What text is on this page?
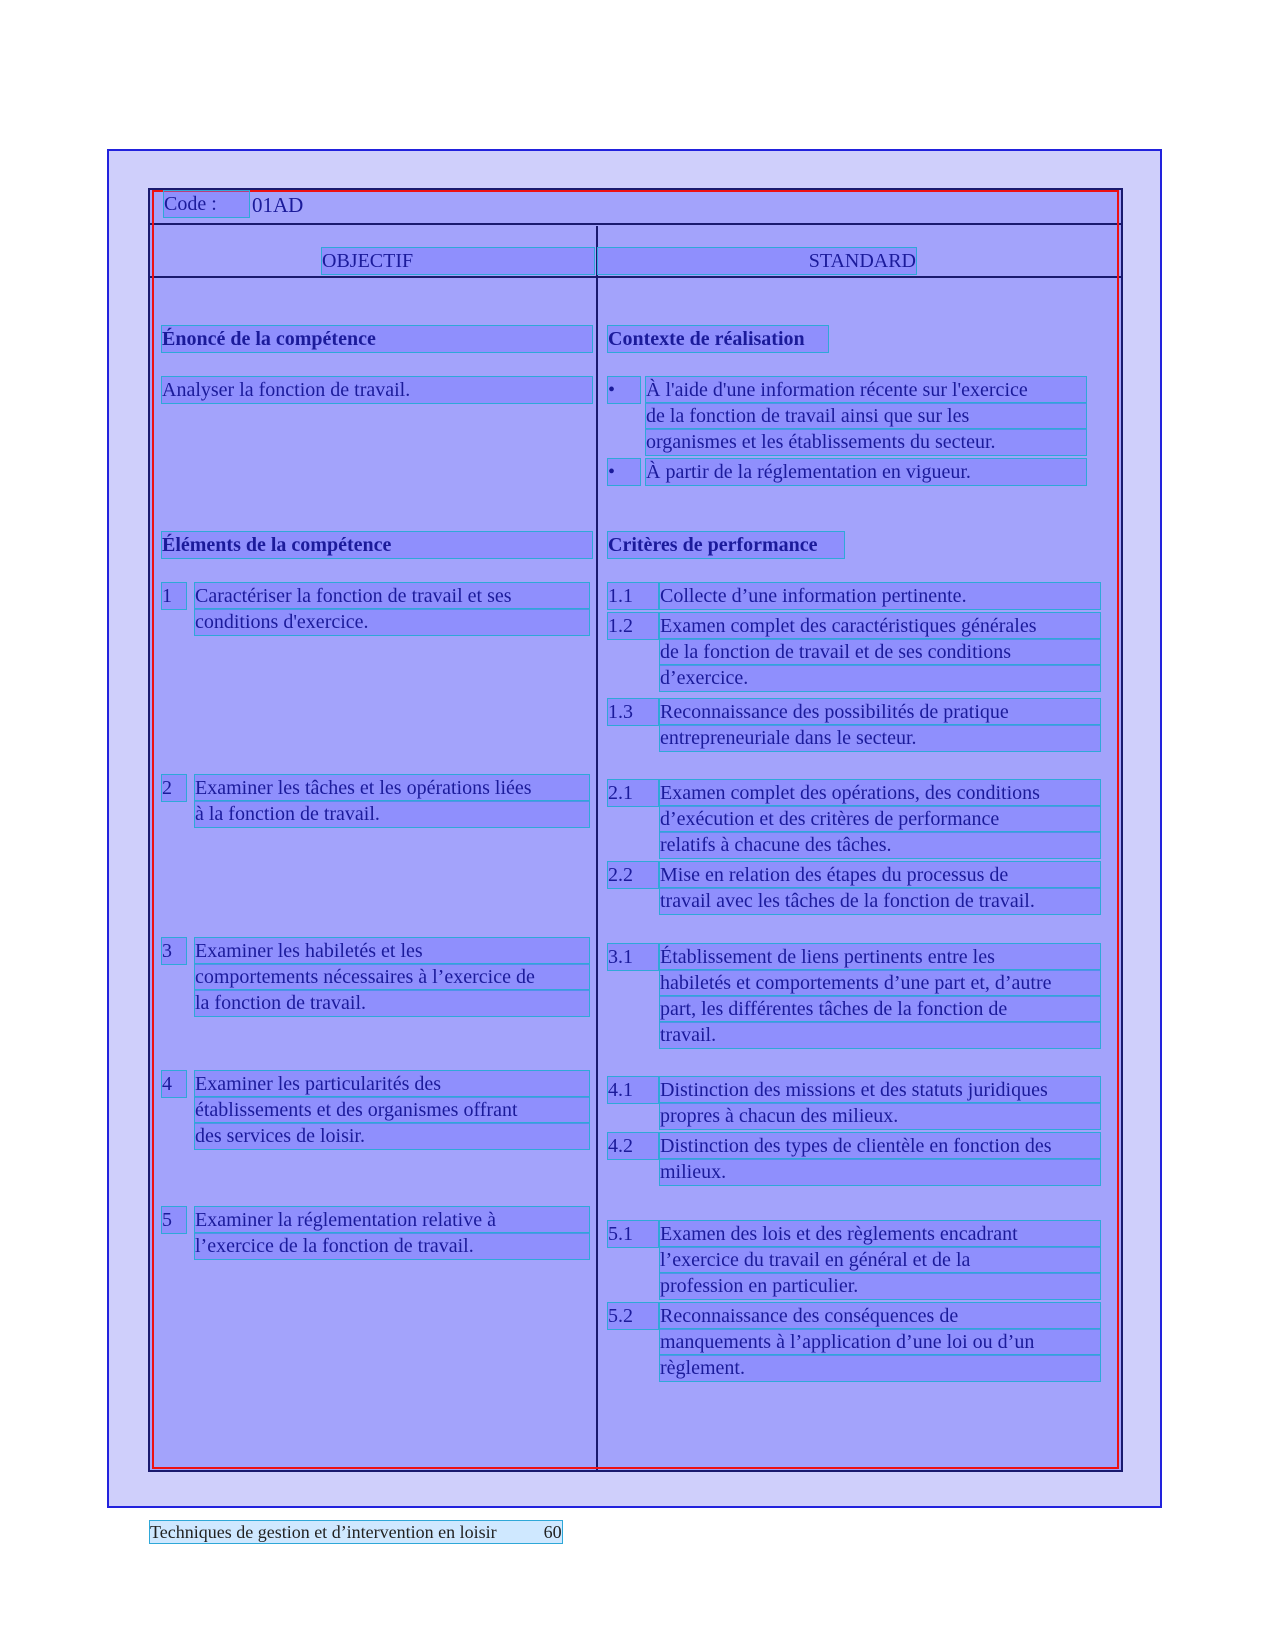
Code :	01AD
OBJECTIF	STANDARD
Énoncé de la compétence
Analyser la fonction de travail.
Éléments de la compétence
Contexte de réalisation
Critères de performance
Techniques de gestion et d’intervention en loisir	60
1	Caractériser la fonction de travail et ses
conditions d'exercice.
2	Examiner les tâches et les opérations liées
à la fonction de travail.
3	Examiner les habiletés et les
comportements nécessaires à l’exercice de
la fonction de travail.
4	Examiner les particularités des
établissements et des organismes offrant
des services de loisir.
5	Examiner la réglementation relative à
l’exercice de la fonction de travail.
•	À l'aide d'une information récente sur l'exercice
de la fonction de travail ainsi que sur les
organismes et les établissements du secteur.
•	À partir de la réglementation en vigueur.
1.1	Collecte d’une information pertinente.
1.2	Examen complet des caractéristiques générales
de la fonction de travail et de ses conditions
d’exercice.
1.3	Reconnaissance des possibilités de pratique
entrepreneuriale dans le secteur.
2.1	Examen complet des opérations, des conditions
d’exécution et des critères de performance
relatifs à chacune des tâches.
2.2	Mise en relation des étapes du processus de
travail avec les tâches de la fonction de travail.
3.1	Établissement de liens pertinents entre les
habiletés et comportements d’une part et, d’autre
part, les différentes tâches de la fonction de
travail.
4.1	Distinction des missions et des statuts juridiques
propres à chacun des milieux.
4.2	Distinction des types de clientèle en fonction des
milieux.
5.1	Examen des lois et des règlements encadrant
l’exercice du travail en général et de la
profession en particulier.
5.2	Reconnaissance des conséquences de
manquements à l’application d’une loi ou d’un
règlement.
